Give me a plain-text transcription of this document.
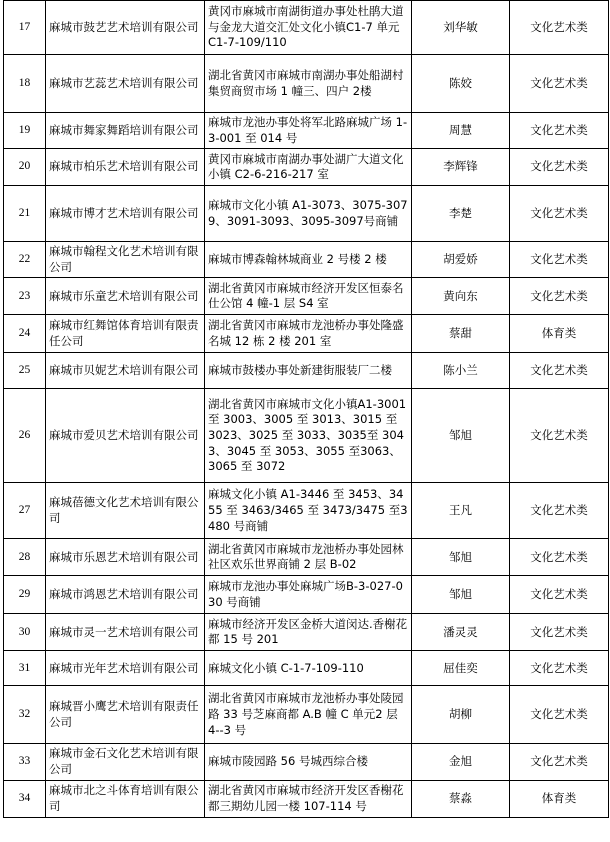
17	麻城市鼓艺艺术培训有限公司	黄冈市麻城市南湖街道办事处杜鹃大道与金龙大道交汇处文化小镇C1-7 单元 C1-7-109/110	刘华敏	文化艺术类
18	麻城市艺蕊艺术培训有限公司	湖北省黄冈市麻城市南湖办事处船湖村集贸商贸市场 1 幢三、四户 2楼	陈姣	文化艺术类
19	麻城市舞家舞蹈培训有限公司	麻城市龙池办事处将军北路麻城广场 1-3-001 至 014 号	周慧	文化艺术类
20	麻城市柏乐艺术培训有限公司	黄冈市麻城市南湖办事处湖广大道文化小镇 C2-6-216-217 室	李辉锋	文化艺术类
21	麻城市博才艺术培训有限公司	麻城市文化小镇 A1-3073、3075-3079、3091-3093、3095-3097号商铺	李楚	文化艺术类
22	麻城市翰程文化艺术培训有限公司	麻城市博森翰林城商业 2 号楼 2 楼	胡爱娇	文化艺术类
23	麻城市乐童艺术培训有限公司	湖北省黄冈市麻城市经济开发区恒泰名仕公馆 4 幢-1 层 S4 室	黄向东	文化艺术类
24	麻城市红舞馆体育培训有限责任公司	湖北省黄冈市麻城市龙池桥办事处隆盛名城 12 栋 2 楼 201 室	蔡甜	体育类
25	麻城市贝妮艺术培训有限公司	麻城市鼓楼办事处新建街服装厂二楼	陈小兰	文化艺术类
26	麻城市爱贝艺术培训有限公司	湖北省黄冈市麻城市文化小镇A1-3001 至 3003、3005 至 3013、3015 至 3023、3025 至 3033、3035至 3043、3045 至 3053、3055 至3063、 3065 至 3072	邹旭	文化艺术类
27	麻城蓓德文化艺术培训有限公司	麻城文化小镇 A1-3446 至 3453、3455 至 3463/3465 至 3473/3475 至3480 号商铺	王凡	文化艺术类
28	麻城市乐恩艺术培训有限公司	湖北省黄冈市麻城市龙池桥办事处园林社区欢乐世界商铺 2 层 B-02	邹旭	文化艺术类
29	麻城市鸿恩艺术培训有限公司	麻城市龙池办事处麻城广场B-3-027-030 号商铺	邹旭	文化艺术类
30	麻城市灵一艺术培训有限公司	麻城市经济开发区金桥大道闵达.香榭花都 15 号 201	潘灵灵	文化艺术类
31	麻城市光年艺术培训有限公司	麻城文化小镇 C-1-7-109-110	屈佳奕	文化艺术类
32	麻城晋小鹰艺术培训有限责任公司	湖北省黄冈市麻城市龙池桥办事处陵园路 33 号芝麻商都 A.B 幢 C 单元2 层 4--3 号	胡柳	文化艺术类
33	麻城市金石文化艺术培训有限公司	麻城市陵园路 56 号城西综合楼	金旭	文化艺术类
34	麻城市北之斗体育培训有限公司	湖北省黄冈市麻城市经济开发区香榭花都三期幼儿园一楼 107-114 号	蔡淼	体育类
